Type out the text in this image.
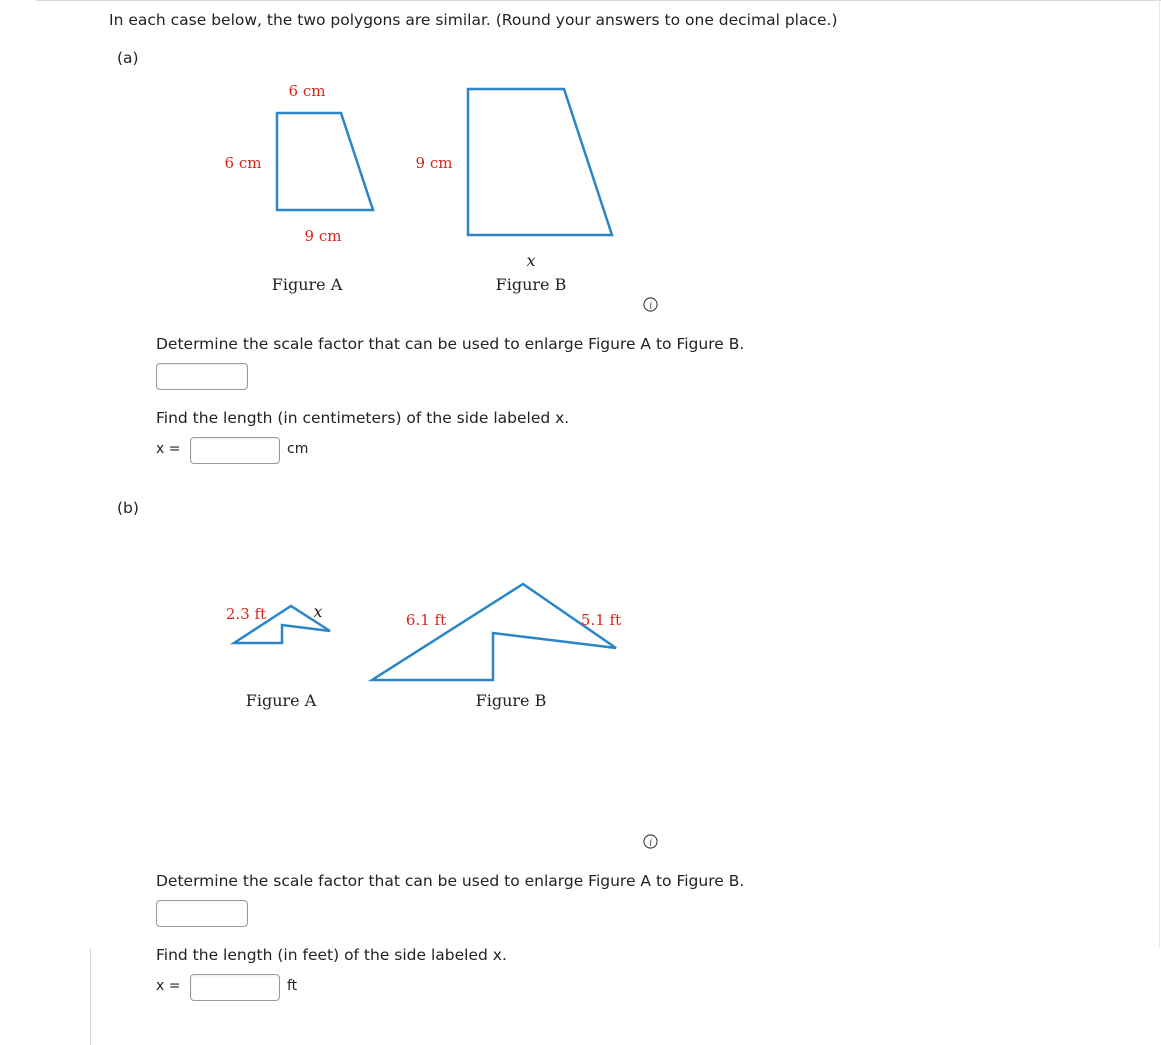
In each case below, the two polygons are similar. (Round your answers to one decimal place.)
(a)
6 cm
6 cm
9 cm
Figure A
9 cm
x
Figure B
i
Determine the scale factor that can be used to enlarge Figure A to Figure B.
Find the length (in centimeters) of the side labeled x.
x =	cm
(b)
2.3 ft	x
Figure A
6.1 ft	5.1 ft
Figure B
i
Determine the scale factor that can be used to enlarge Figure A to Figure B.
Find the length (in feet) of the side labeled x.
x =	ft
